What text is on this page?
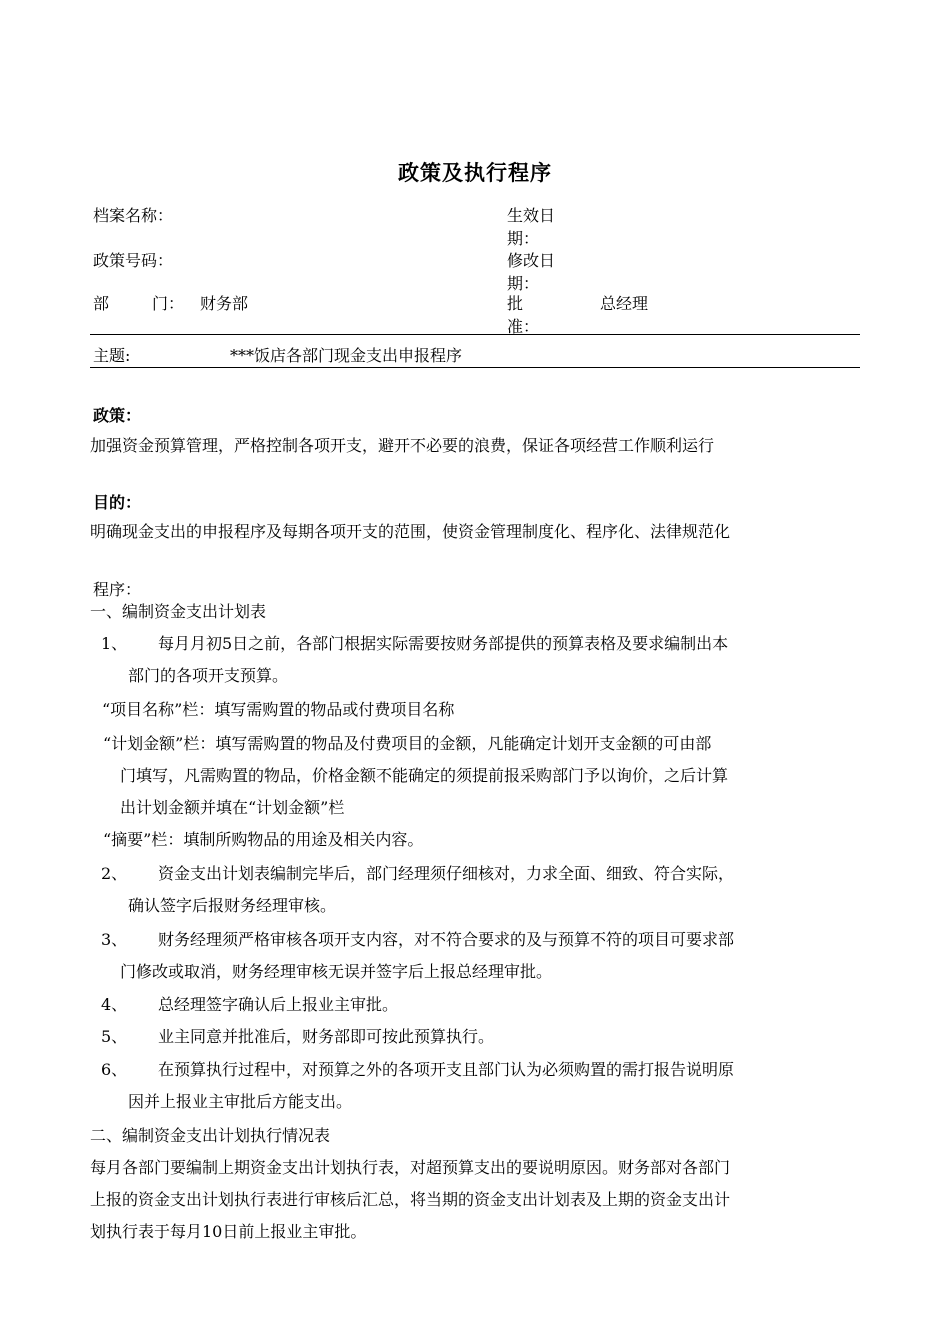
政策及执行程序
档案名称：
政策号码：
部	门： 财务部
生效日期：
修改日期：
批准：
总经理
主题:	***饭店各部门现金支出申报程序
政策：
加强资金预算管理，严格控制各项开支，避开不必要的浪费，保证各项经营工作顺利运行
目的：
明确现金支出的申报程序及每期各项开支的范围，使资金管理制度化、程序化、法律规范化
程序：
一、编制资金支出计划表
1、 每月月初5日之前，各部门根据实际需要按财务部提供的预算表格及要求编制出本
部门的各项开支预算。
“项目名称”栏：填写需购置的物品或付费项目名称
“计划金额”栏：填写需购置的物品及付费项目的金额，凡能确定计划开支金额的可由部
门填写，凡需购置的物品，价格金额不能确定的须提前报采购部门予以询价，之后计算
出计划金额并填在“计划金额”栏
“摘要”栏：填制所购物品的用途及相关内容。
2、 资金支出计划表编制完毕后，部门经理须仔细核对，力求全面、细致、符合实际，
确认签字后报财务经理审核。
3、 财务经理须严格审核各项开支内容，对不符合要求的及与预算不符的项目可要求部
门修改或取消，财务经理审核无误并签字后上报总经理审批。
4、 总经理签字确认后上报业主审批。
5、 业主同意并批准后，财务部即可按此预算执行。
6、 在预算执行过程中，对预算之外的各项开支且部门认为必须购置的需打报告说明原
因并上报业主审批后方能支出。
二、编制资金支出计划执行情况表
每月各部门要编制上期资金支出计划执行表，对超预算支出的要说明原因。财务部对各部门
上报的资金支出计划执行表进行审核后汇总，将当期的资金支出计划表及上期的资金支出计
划执行表于每月10日前上报业主审批。
